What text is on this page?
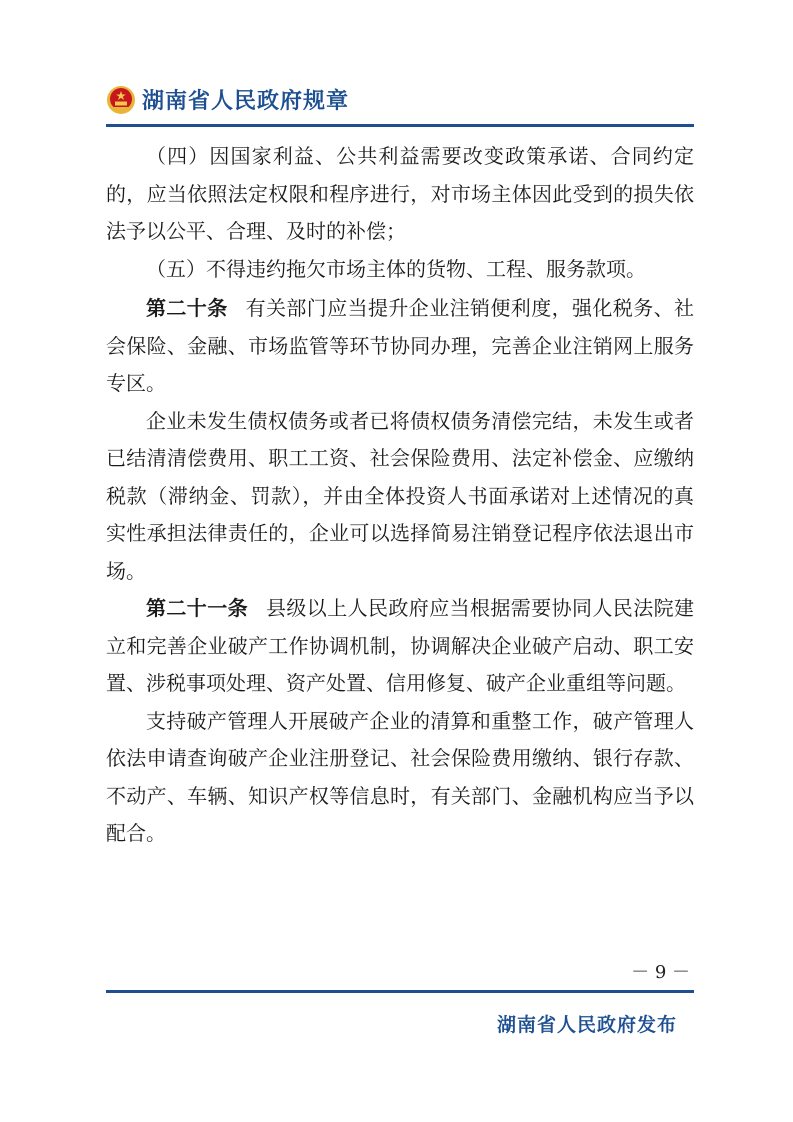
湖南省人民政府规章

（四）因国家利益、公共利益需要改变政策承诺、合同约定的，应当依照法定权限和程序进行，对市场主体因此受到的损失依法予以公平、合理、及时的补偿；

（五）不得违约拖欠市场主体的货物、工程、服务款项。

第二十条 有关部门应当提升企业注销便利度，强化税务、社会保险、金融、市场监管等环节协同办理，完善企业注销网上服务专区。

企业未发生债权债务或者已将债权债务清偿完结，未发生或者已结清清偿费用、职工工资、社会保险费用、法定补偿金、应缴纳税款（滞纳金、罚款），并由全体投资人书面承诺对上述情况的真实性承担法律责任的，企业可以选择简易注销登记程序依法退出市场。

第二十一条 县级以上人民政府应当根据需要协同人民法院建立和完善企业破产工作协调机制，协调解决企业破产启动、职工安置、涉税事项处理、资产处置、信用修复、破产企业重组等问题。

支持破产管理人开展破产企业的清算和重整工作，破产管理人依法申请查询破产企业注册登记、社会保险费用缴纳、银行存款、不动产、车辆、知识产权等信息时，有关部门、金融机构应当予以配合。

－ 9 －
湖南省人民政府发布
